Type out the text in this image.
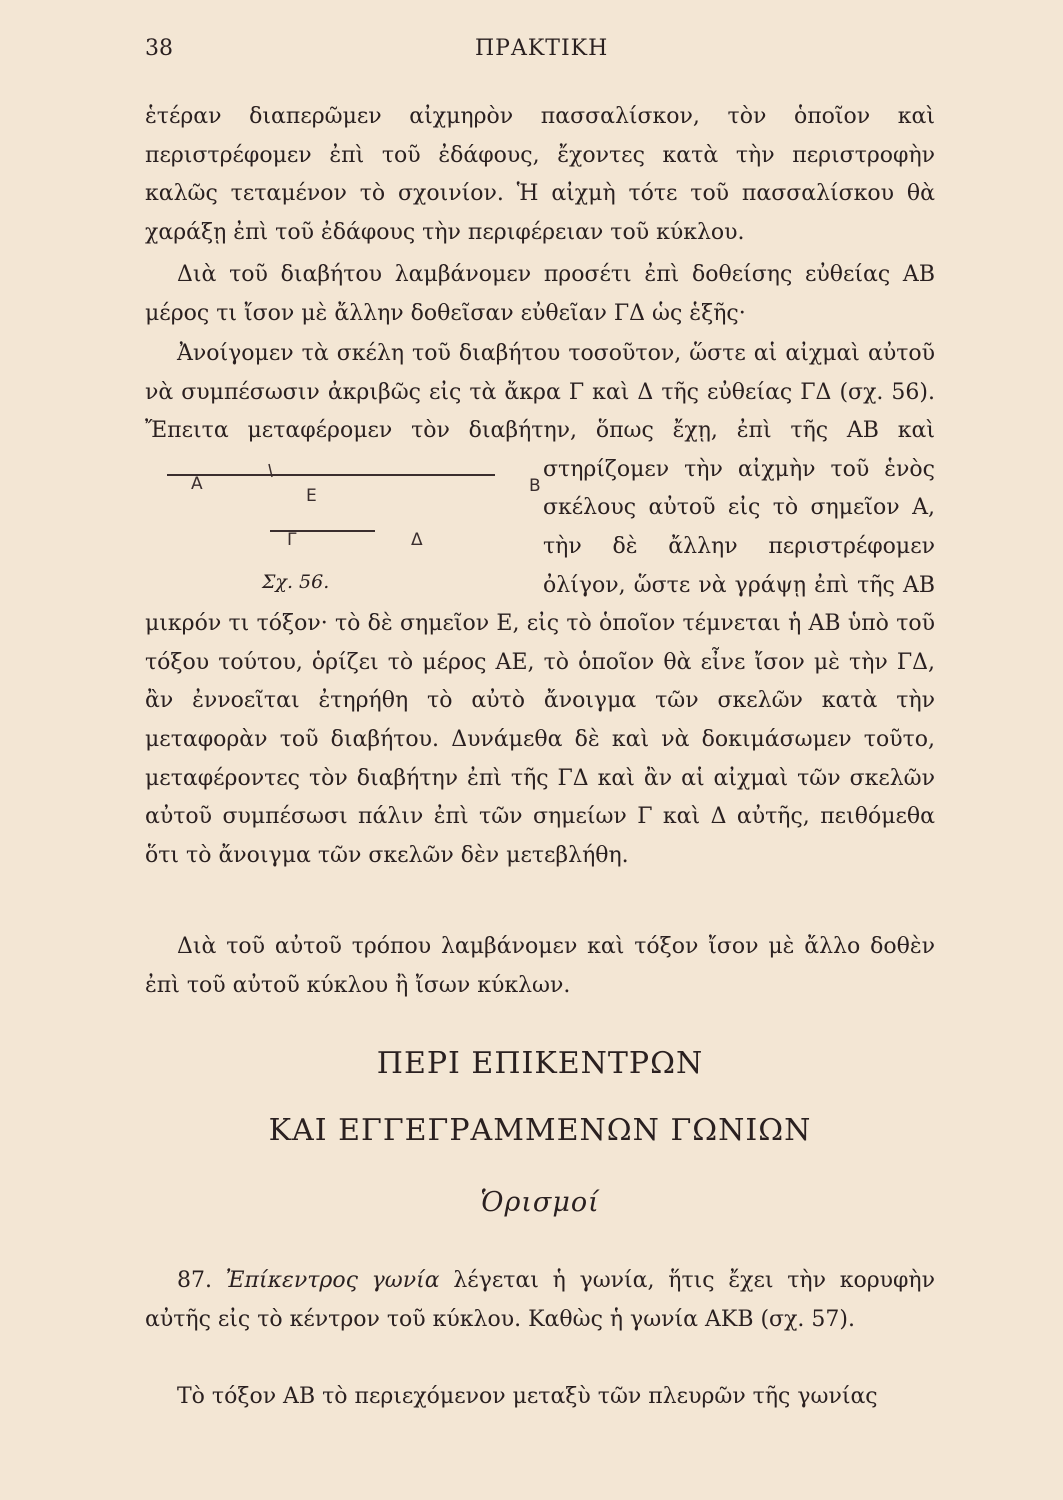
38	ΠΡΑΚΤΙΚΗ
ἑτέραν διαπερῶμεν αἰχμηρὸν πασσαλίσκον, τὸν ὁποῖον καὶ περιστρέφομεν ἐπὶ τοῦ ἐδάφους, ἔχοντες κατὰ τὴν περιστροφὴν καλῶς τεταμένον τὸ σχοινίον. Ἡ αἰχμὴ τότε τοῦ πασσαλίσκου θὰ χαράξῃ ἐπὶ τοῦ ἐδάφους τὴν περιφέρειαν τοῦ κύκλου.
Διὰ τοῦ διαβήτου λαμβάνομεν προσέτι ἐπὶ δοθείσης εὐθείας ΑΒ μέρος τι ἴσον μὲ ἄλλην δοθεῖσαν εὐθεῖαν ΓΔ ὡς ἑξῆς·
Ἀνοίγομεν τὰ σκέλη τοῦ διαβήτου τοσοῦτον, ὥστε αἱ αἰχμαὶ αὐτοῦ νὰ συμπέσωσιν ἀκριβῶς εἰς τὰ ἄκρα Γ καὶ Δ τῆς εὐθείας ΓΔ (σχ. 56). Ἔπειτα μεταφέρομεν τὸν διαβήτην, ὅπως ἔχῃ, ἐπὶ
A	B
E
Γ	Δ
Σχ. 56.
τῆς ΑΒ καὶ στηρίζομεν τὴν αἰχμὴν τοῦ ἑνὸς σκέλους αὐτοῦ εἰς τὸ σημεῖον Α, τὴν δὲ ἄλλην περιστρέφομεν ὀλίγον, ὥστε νὰ γράψῃ ἐπὶ τῆς ΑΒ μικρόν τι τόξον· τὸ δὲ σημεῖον Ε, εἰς τὸ ὁποῖον τέμνεται ἡ ΑΒ ὑπὸ τοῦ τόξου τούτου, ὁρίζει τὸ μέρος ΑΕ, τὸ ὁποῖον θὰ εἶνε ἴσον μὲ τὴν ΓΔ, ἂν ἐννοεῖται ἐτηρήθη τὸ αὐτὸ ἄνοιγμα τῶν σκελῶν κατὰ τὴν μεταφορὰν τοῦ διαβήτου. Δυνάμεθα δὲ καὶ νὰ δοκιμάσωμεν τοῦτο, μεταφέροντες τὸν διαβήτην ἐπὶ τῆς ΓΔ καὶ ἂν αἱ αἰχμαὶ τῶν σκελῶν αὐτοῦ συμπέσωσι πάλιν ἐπὶ τῶν σημείων Γ καὶ Δ αὐτῆς, πειθόμεθα ὅτι τὸ ἄνοιγμα τῶν σκελῶν δὲν μετεβλήθη.
Διὰ τοῦ αὐτοῦ τρόπου λαμβάνομεν καὶ τόξον ἴσον μὲ ἄλλο δοθὲν ἐπὶ τοῦ αὐτοῦ κύκλου ἢ ἴσων κύκλων.
ΠΕΡΙ ΕΠΙΚΕΝΤΡΩΝ
ΚΑΙ ΕΓΓΕΓΡΑΜΜΕΝΩΝ ΓΩΝΙΩΝ
Ὁρισμοί
87. Ἐπίκεντρος γωνία λέγεται ἡ γωνία, ἥτις ἔχει τὴν κορυφὴν αὐτῆς εἰς τὸ κέντρον τοῦ κύκλου. Καθὼς ἡ γωνία ΑΚΒ (σχ. 57).
Τὸ τόξον ΑΒ τὸ περιεχόμενον μεταξὺ τῶν πλευρῶν τῆς γωνίας
